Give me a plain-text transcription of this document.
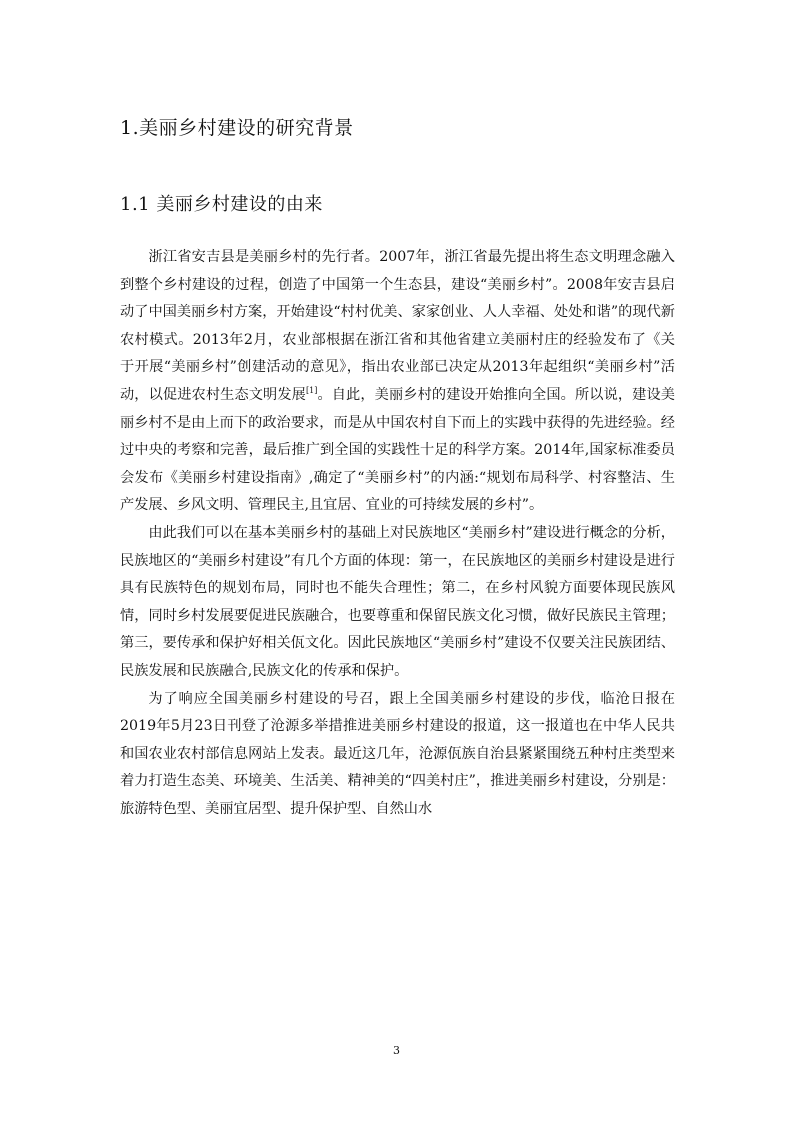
1.美丽乡村建设的研究背景
1.1 美丽乡村建设的由来

浙江省安吉县是美丽乡村的先行者。2007年，浙江省最先提出将生态文明理念融入到整个乡村建设的过程，创造了中国第一个生态县，建设“美丽乡村”。2008年安吉县启动了中国美丽乡村方案，开始建设“村村优美、家家创业、人人幸福、处处和谐”的现代新农村模式。2013年2月，农业部根据在浙江省和其他省建立美丽村庄的经验发布了《关于开展“美丽乡村”创建活动的意见》，指出农业部已决定从2013年起组织“美丽乡村”活动，以促进农村生态文明发展[1]。自此，美丽乡村的建设开始推向全国。所以说，建设美丽乡村不是由上而下的政治要求，而是从中国农村自下而上的实践中获得的先进经验。经过中央的考察和完善，最后推广到全国的实践性十足的科学方案。2014年,国家标准委员会发布《美丽乡村建设指南》,确定了“美丽乡村”的内涵:“规划布局科学、村容整洁、生产发展、乡风文明、管理民主,且宜居、宜业的可持续发展的乡村”。

由此我们可以在基本美丽乡村的基础上对民族地区“美丽乡村”建设进行概念的分析，民族地区的“美丽乡村建设”有几个方面的体现：第一，在民族地区的美丽乡村建设是进行具有民族特色的规划布局，同时也不能失合理性；第二，在乡村风貌方面要体现民族风情，同时乡村发展要促进民族融合，也要尊重和保留民族文化习惯，做好民族民主管理；第三，要传承和保护好相关佤文化。因此民族地区“美丽乡村”建设不仅要关注民族团结、民族发展和民族融合,民族文化的传承和保护。

为了响应全国美丽乡村建设的号召，跟上全国美丽乡村建设的步伐，临沧日报在2019年5月23日刊登了沧源多举措推进美丽乡村建设的报道，这一报道也在中华人民共和国农业农村部信息网站上发表。最近这几年，沧源佤族自治县紧紧围绕五种村庄类型来着力打造生态美、环境美、生活美、精神美的“四美村庄”，推进美丽乡村建设，分别是：旅游特色型、美丽宜居型、提升保护型、自然山水

3
